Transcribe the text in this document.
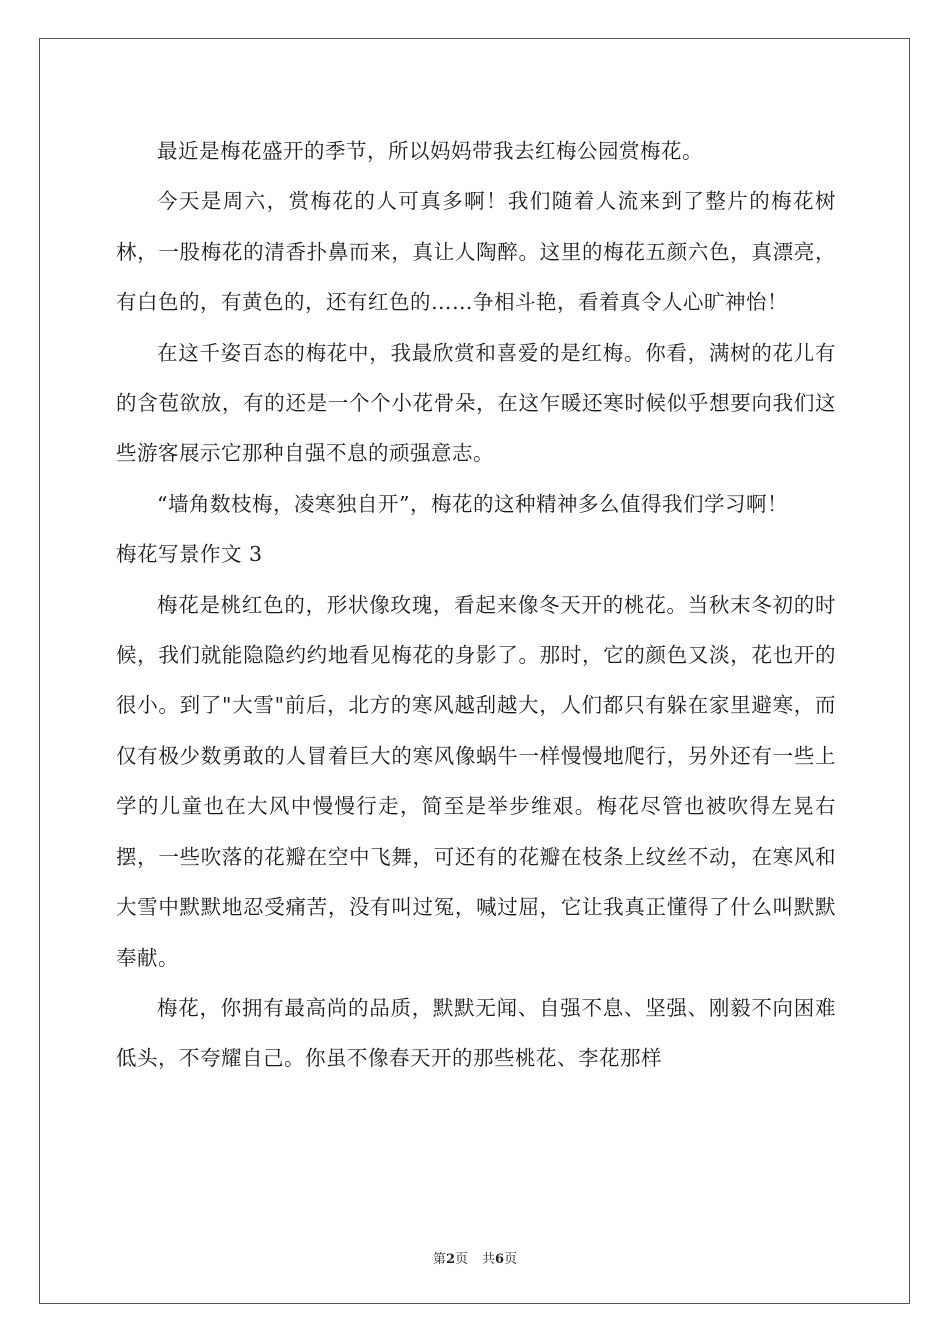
最近是梅花盛开的季节，所以妈妈带我去红梅公园赏梅花。

今天是周六，赏梅花的人可真多啊！我们随着人流来到了整片的梅花树林，一股梅花的清香扑鼻而来，真让人陶醉。这里的梅花五颜六色，真漂亮，有白色的，有黄色的，还有红色的……争相斗艳，看着真令人心旷神怡！

在这千姿百态的梅花中，我最欣赏和喜爱的是红梅。你看，满树的花儿有的含苞欲放，有的还是一个个小花骨朵，在这乍暖还寒时候似乎想要向我们这些游客展示它那种自强不息的顽强意志。

“墙角数枝梅，凌寒独自开”，梅花的这种精神多么值得我们学习啊！

梅花写景作文 3

梅花是桃红色的，形状像玫瑰，看起来像冬天开的桃花。当秋末冬初的时候，我们就能隐隐约约地看见梅花的身影了。那时，它的颜色又淡，花也开的很小。到了"大雪"前后，北方的寒风越刮越大，人们都只有躲在家里避寒，而仅有极少数勇敢的人冒着巨大的寒风像蜗牛一样慢慢地爬行，另外还有一些上学的儿童也在大风中慢慢行走，简至是举步维艰。梅花尽管也被吹得左晃右摆，一些吹落的花瓣在空中飞舞，可还有的花瓣在枝条上纹丝不动，在寒风和大雪中默默地忍受痛苦，没有叫过冤，喊过屈，它让我真正懂得了什么叫默默奉献。

梅花，你拥有最高尚的品质，默默无闻、自强不息、坚强、刚毅不向困难低头，不夸耀自己。你虽不像春天开的那些桃花、李花那样

第2页 共6页
